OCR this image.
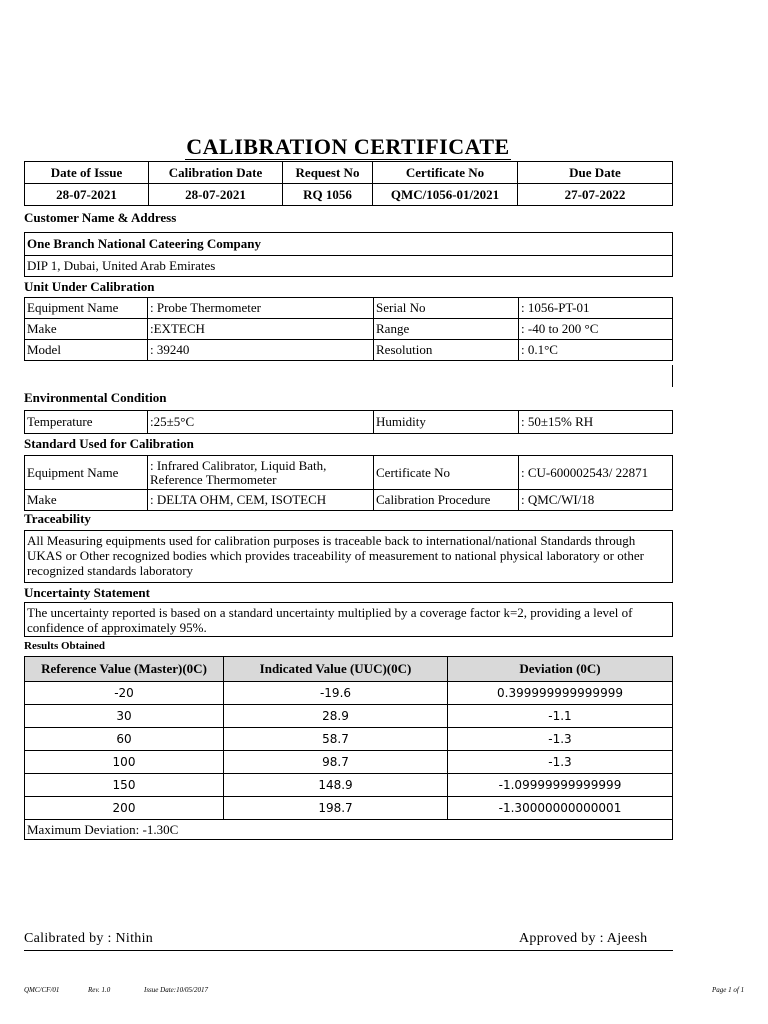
CALIBRATION CERTIFICATE
Date of Issue	Calibration Date	Request No	Certificate No	Due Date
28-07-2021	28-07-2021	RQ 1056	QMC/1056-01/2021	27-07-2022
Customer Name & Address
One Branch National Cateering Company
DIP 1, Dubai, United Arab Emirates
Unit Under Calibration
Equipment Name	: Probe Thermometer	Serial No	: 1056-PT-01
Make	:EXTECH	Range	: -40 to 200 °C
Model	: 39240	Resolution	: 0.1°C
Environmental Condition
Temperature	:25±5°C	Humidity	: 50±15% RH
Standard Used for Calibration
Equipment Name	: Infrared Calibrator, Liquid Bath, Reference Thermometer	Certificate No	: CU-600002543/ 22871
Make	: DELTA OHM, CEM, ISOTECH	Calibration Procedure	: QMC/WI/18
Traceability
All Measuring equipments used for calibration purposes is traceable back to international/national Standards through UKAS or Other recognized bodies which provides traceability of measurement to national physical laboratory or other recognized standards laboratory
Uncertainty Statement
The uncertainty reported is based on a standard uncertainty multiplied by a coverage factor k=2, providing a level of confidence of approximately 95%.
Results Obtained
Reference Value (Master)(0C)	Indicated Value (UUC)(0C)	Deviation (0C)
-20	-19.6	0.399999999999999
30	28.9	-1.1
60	58.7	-1.3
100	98.7	-1.3
150	148.9	-1.09999999999999
200	198.7	-1.30000000000001
Maximum Deviation: -1.30C		
Calibrated by : Nithin	Approved by : Ajeesh
QMC/CF/01	Rev. 1.0	Issue Date:10/05/2017	Page 1 of 1
